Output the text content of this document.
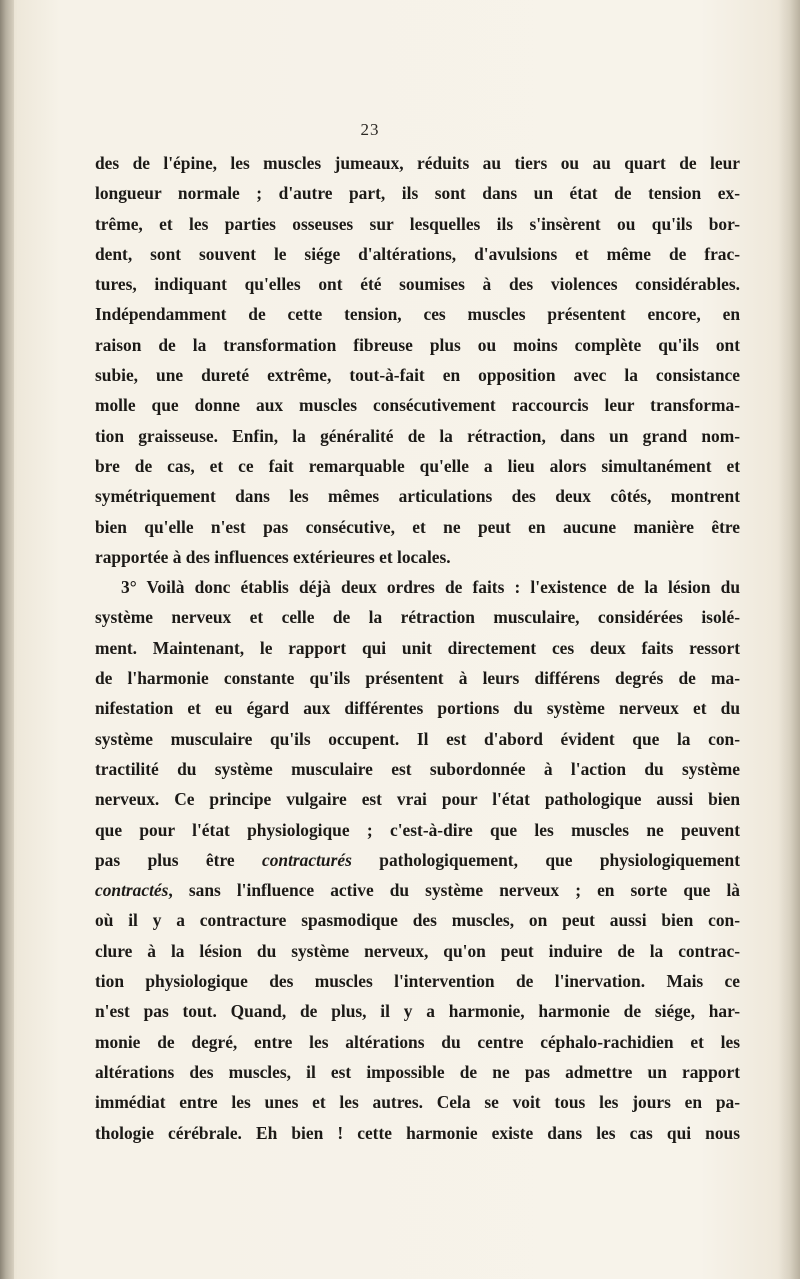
23
des de l'épine, les muscles jumeaux, réduits au tiers ou au quart de leur
longueur normale ; d'autre part, ils sont dans un état de tension ex-
trême, et les parties osseuses sur lesquelles ils s'insèrent ou qu'ils bor-
dent, sont souvent le siége d'altérations, d'avulsions et même de frac-
tures, indiquant qu'elles ont été soumises à des violences considérables.
Indépendamment de cette tension, ces muscles présentent encore, en
raison de la transformation fibreuse plus ou moins complète qu'ils ont
subie, une dureté extrême, tout-à-fait en opposition avec la consistance
molle que donne aux muscles consécutivement raccourcis leur transforma-
tion graisseuse. Enfin, la généralité de la rétraction, dans un grand nom-
bre de cas, et ce fait remarquable qu'elle a lieu alors simultanément et
symétriquement dans les mêmes articulations des deux côtés, montrent
bien qu'elle n'est pas consécutive, et ne peut en aucune manière être
rapportée à des influences extérieures et locales.
3° Voilà donc établis déjà deux ordres de faits : l'existence de la lésion du
système nerveux et celle de la rétraction musculaire, considérées isolé-
ment. Maintenant, le rapport qui unit directement ces deux faits ressort
de l'harmonie constante qu'ils présentent à leurs différens degrés de ma-
nifestation et eu égard aux différentes portions du système nerveux et du
système musculaire qu'ils occupent. Il est d'abord évident que la con-
tractilité du système musculaire est subordonnée à l'action du système
nerveux. Ce principe vulgaire est vrai pour l'état pathologique aussi bien
que pour l'état physiologique ; c'est-à-dire que les muscles ne peuvent
pas plus être contracturés pathologiquement, que physiologiquement
contractés, sans l'influence active du système nerveux ; en sorte que là
où il y a contracture spasmodique des muscles, on peut aussi bien con-
clure à la lésion du système nerveux, qu'on peut induire de la contrac-
tion physiologique des muscles l'intervention de l'inervation. Mais ce
n'est pas tout. Quand, de plus, il y a harmonie, harmonie de siége, har-
monie de degré, entre les altérations du centre céphalo-rachidien et les
altérations des muscles, il est impossible de ne pas admettre un rapport
immédiat entre les unes et les autres. Cela se voit tous les jours en pa-
thologie cérébrale. Eh bien ! cette harmonie existe dans les cas qui nous
